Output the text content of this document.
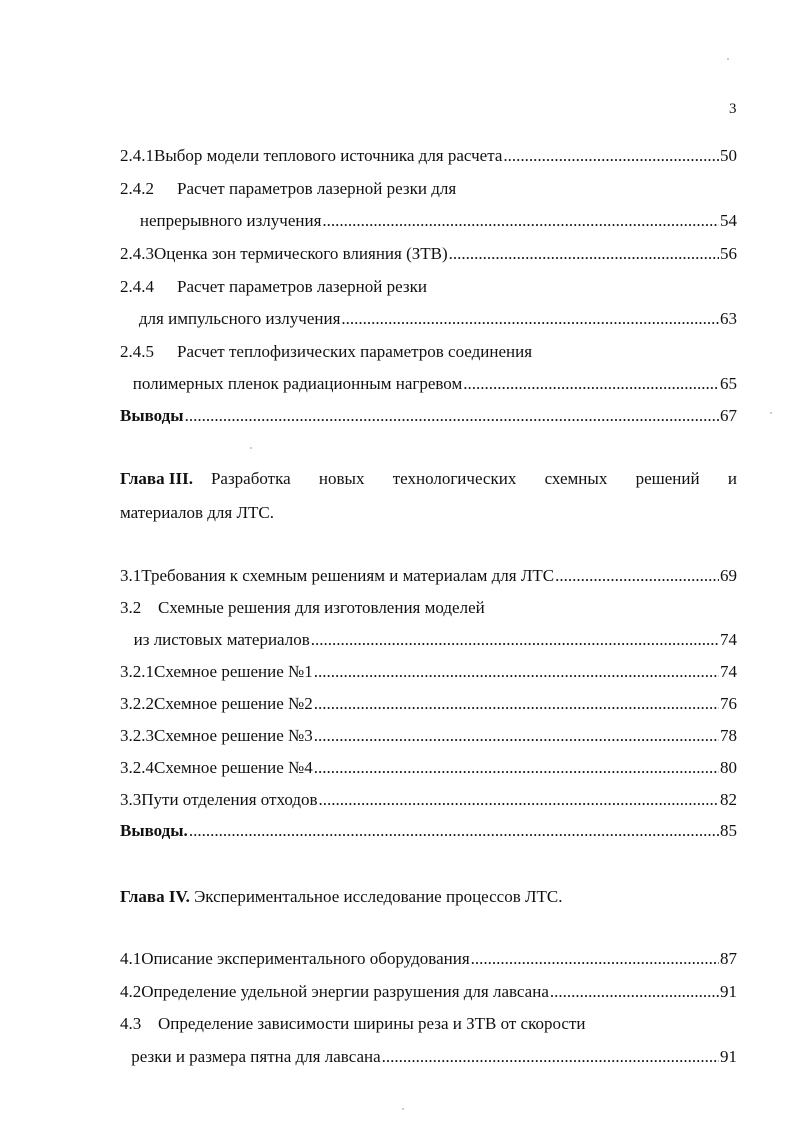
3
2.4.1 Выбор модели теплового источника для расчета .....	50
2.4.2	Расчет параметров лазерной резки для
непрерывного излучения .....	54
2.4.3 Оценка зон термического влияния (ЗТВ) .....	56
2.4.4	Расчет параметров лазерной резки
для импульсного излучения .....	63
2.4.5	Расчет теплофизических параметров соединения
полимерных пленок радиационным нагревом .....	65
Выводы .....	67
Глава III. Разработка новых технологических схемных решений и
материалов для ЛТС.
3.1 Требования к схемным решениям и материалам для ЛТС .....	69
3.2 Схемные решения для изготовления моделей
из листовых материалов .....	74
3.2.1 Схемное решение №1 .....	74
3.2.2 Схемное решение №2 .....	76
3.2.3 Схемное решение №3 .....	78
3.2.4 Схемное решение №4 .....	80
3.3 Пути отделения отходов .....	82
Выводы. .....	85
Глава IV. Экспериментальное исследование процессов ЛТС.
4.1 Описание экспериментального оборудования .....	87
4.2 Определение удельной энергии разрушения для лавсана .....	91
4.3 Определение зависимости ширины реза и ЗТВ от скорости
резки и размера пятна для лавсана .....	91
